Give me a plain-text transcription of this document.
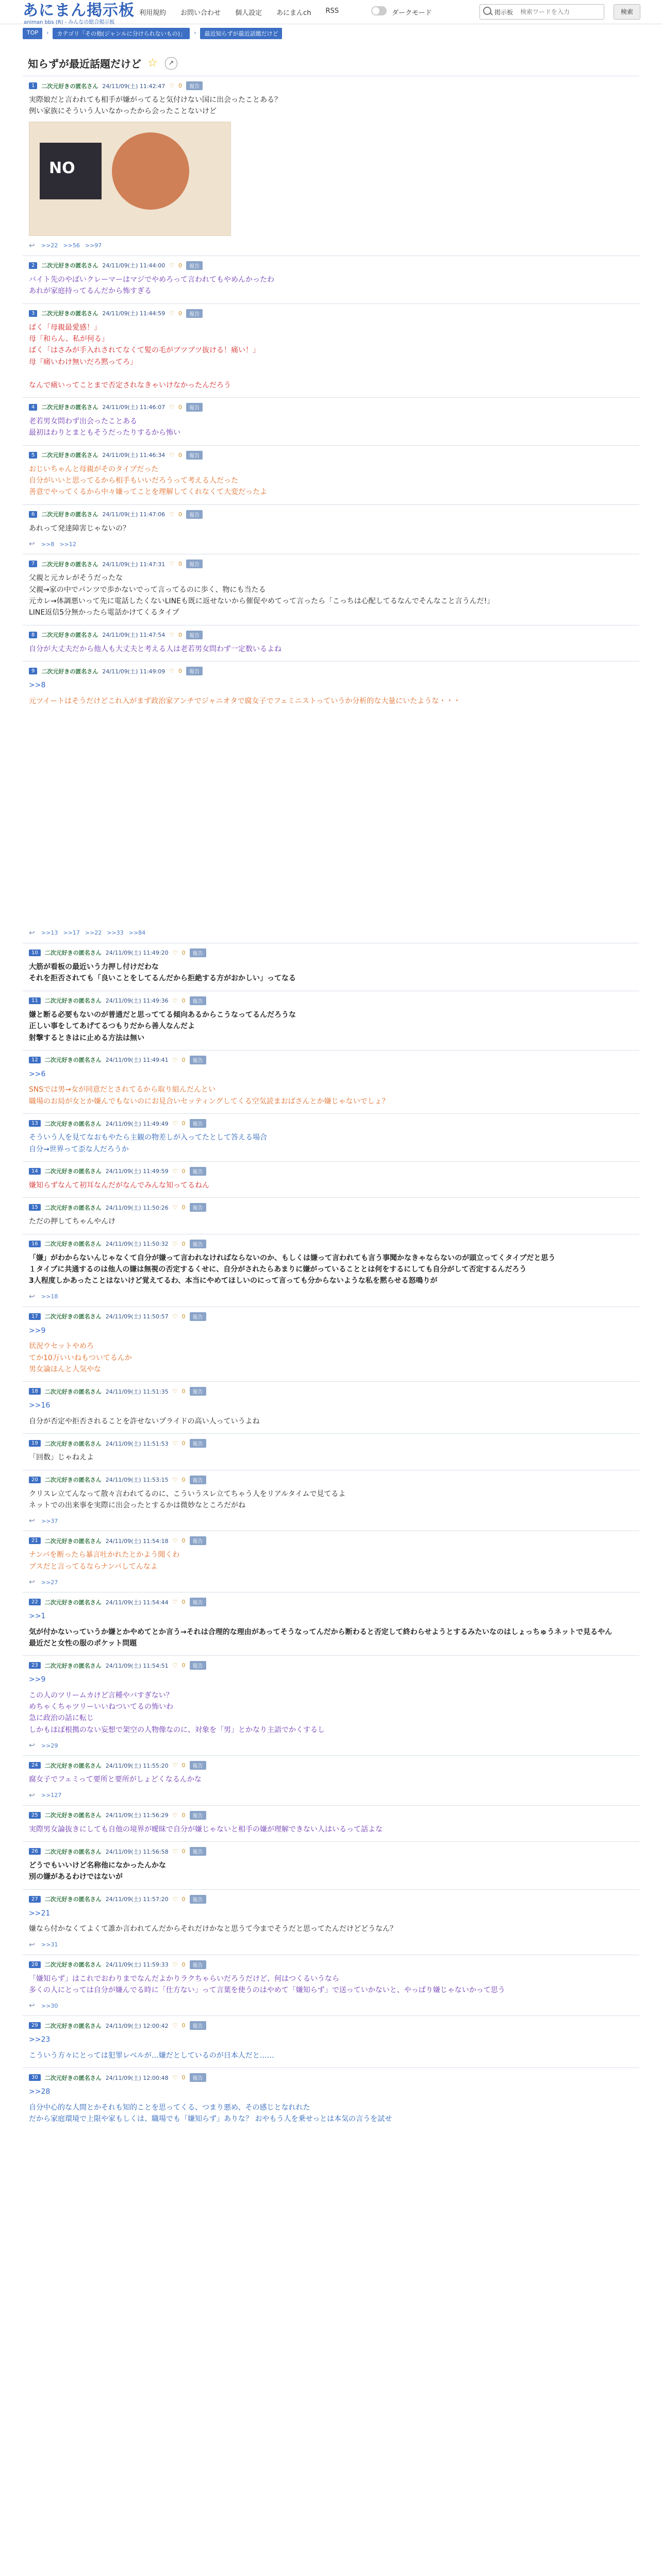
あにまん掲示板
animan bbs (R) - みんなの総合掲示板
利用規約 お問い合わせ 個人設定 あにまんch RSS	ダークモード	掲示板
検索ワードを入力	検索
TOP	›	カテゴリ「その他(ジャンルに分けられないもの)」	›	最近知らずが最近話題だけど
知らずが最近話題だけど ☆	↗
1	二次元好きの匿名さん 24/11/09(土) 11:42:47 ♡ 0	報告
実際娘だと言われても相手が嫌がってると気付けない国に出会ったことある？
例い家族にそういう人いなかったから会ったことないけど
NO
↩ >>22 >>56 >>97
2	二次元好きの匿名さん 24/11/09(土) 11:44:00 ♡ 0	報告
バイト先のやばいクレーマーはマジでやめろって言われてもやめんかったわ
あれが家庭持ってるんだから怖すぎる
3	二次元好きの匿名さん 24/11/09(土) 11:44:59 ♡ 0	報告
ぱく「母親最愛感！」
母「和らん、私が何る」
ぱく「はさみが手入れされてなくて髪の毛がブツブツ抜ける！痛い！」
母「痛いわけ無いだろ黙ってろ」

なんで痛いってことまで否定されなきゃいけなかったんだろう
4	二次元好きの匿名さん 24/11/09(土) 11:46:07 ♡ 0	報告
老若男女問わず出会ったことある
最初はわりとまともそうだったりするから怖い
5	二次元好きの匿名さん 24/11/09(土) 11:46:34 ♡ 0	報告
おじいちゃんと母親がそのタイプだった
自分がいいと思ってるから相手もいいだろうって考える人だった
善意でやってくるから中々嫌ってことを理解してくれなくて大変だったよ
6	二次元好きの匿名さん 24/11/09(土) 11:47:06 ♡ 0	報告
あれって発達障害じゃないの？
↩ >>8 >>12
7	二次元好きの匿名さん 24/11/09(土) 11:47:31 ♡ 0	報告
父親と元カレがそうだったな
父親→家の中でパンツで歩かないでって言ってるのに歩く、物にも当たる
元カレ→体調悪いって先に電話したくないLINEも既に返せないから催促やめてって言ったら「こっちは心配してるなんでそんなこと言うんだ!」
LINE返信5分無かったら電話かけてくるタイプ
8	二次元好きの匿名さん 24/11/09(土) 11:47:54 ♡ 0	報告
自分が大丈夫だから他人も大丈夫と考える人は老若男女問わず一定数いるよね
9	二次元好きの匿名さん 24/11/09(土) 11:49:09 ♡ 0	報告
>>8
元ツイートはそうだけどこれ入がまず政治家アンチでジャニオタで腐女子でフェミニストっていうか分析的な大量にいたような・・・
↩ >>13 >>17 >>22 >>33 >>84
10	二次元好きの匿名さん 24/11/09(土) 11:49:20 ♡ 0	報告
大筋が看板の最近いう力押し付けだわな
それを拒否されても「良いことをしてるんだから拒絶する方がおかしい」ってなる
11	二次元好きの匿名さん 24/11/09(土) 11:49:36 ♡ 0	報告
嫌と断る必要もないのが普通だと思っててる傾向あるからこうなってるんだろうな
正しい事をしてあげてるつもりだから善人なんだよ
射撃するときはに止める方法は無い
12	二次元好きの匿名さん 24/11/09(土) 11:49:41 ♡ 0	報告
>>6
SNSでは男→女が同意だとされてるから取り組んだんとい
職場のお局が女とか嫌んでもないのにお見合いセッティングしてくる空気読まおばさんとか嫌じゃないでしょ？
13	二次元好きの匿名さん 24/11/09(土) 11:49:49 ♡ 0	報告
そういう人を見てなおもやたら主観の物差しが入ってたとして答える場合
自分→世界って歪な人だろうか
14	二次元好きの匿名さん 24/11/09(土) 11:49:59 ♡ 0	報告
嫌知らずなんて初耳なんだがなんでみんな知ってるねん
15	二次元好きの匿名さん 24/11/09(土) 11:50:26 ♡ 0	報告
ただの押してちゃんやんけ
16	二次元好きの匿名さん 24/11/09(土) 11:50:32 ♡ 0	報告
「嫌」がわからないんじゃなくて自分が嫌って言われなければならないのか、もしくは嫌って言われても言う事聞かなきゃならないのが頭立ってくタイプだと思う
１タイプに共通するのは他人の嫌は無視の否定するくせに、自分がされたらあまりに嫌がっていることとは何をするにしても自分がして否定するんだろう
3人程度しかあったことはないけど覚えてるわ、本当にやめてほしいのにって言っても分からないような私を黙らせる怒鳴りが
↩ >>18
17	二次元好きの匿名さん 24/11/09(土) 11:50:57 ♡ 0	報告
>>9
状況ウセットやめろ
てか10万いいねもついてるんか
男女論ほんと人気やな
18	二次元好きの匿名さん 24/11/09(土) 11:51:35 ♡ 0	報告
>>16
自分が否定や拒否されることを許せないプライドの高い人っていうよね
19	二次元好きの匿名さん 24/11/09(土) 11:51:53 ♡ 0	報告
「回数」じゃねえよ
20	二次元好きの匿名さん 24/11/09(土) 11:53:15 ♡ 0	報告
クリスレ立てんなって散々言われてるのに、こういうスレ立てちゃう人をリアルタイムで見てるよ
ネットでの出来事を実際に出会ったとするかは微妙なところだがね
↩ >>37
21	二次元好きの匿名さん 24/11/09(土) 11:54:18 ♡ 0	報告
ナンパを断ったら暴言吐かれたとかよう聞くわ
ブスだと言ってるならナンパしてんなよ
↩ >>27
22	二次元好きの匿名さん 24/11/09(土) 11:54:44 ♡ 0	報告
>>1
気が付かないっていうか嫌とかやめてとか言う→それは合理的な理由があってそうなってんだから断わると否定して終わらせようとするみたいなのはしょっちゅうネットで見るやん
最近だと女性の服のポケット問題
23	二次元好きの匿名さん 24/11/09(土) 11:54:51 ♡ 0	報告
>>9
この人のツリームカけど言種やバすぎない？
めちゃくちゃツリーいいねついてるの怖いわ
急に政治の話に転じ
しかもほぼ根拠のない妄想で架空の人物像なのに、対象を「男」とかなり主語でかくするし
↩ >>29
24	二次元好きの匿名さん 24/11/09(土) 11:55:20 ♡ 0	報告
腐女子でフェミって要所と要所がしょどくなるんかな
↩ >>127
25	二次元好きの匿名さん 24/11/09(土) 11:56:29 ♡ 0	報告
実際男女論抜きにしても自他の境界が曖昧で自分が嫌じゃないと相手の嫌が理解できない人はいるって話よな
26	二次元好きの匿名さん 24/11/09(土) 11:56:58 ♡ 0	報告
どうでもいいけど名称他になかったんかな
別の嫌があるわけではないが
27	二次元好きの匿名さん 24/11/09(土) 11:57:20 ♡ 0	報告
>>21
嫌なら付かなくてよくて誰か言われてんだからそれだけかなと思うて今までそうだと思ってたんだけどどうなん？
↩ >>31
28	二次元好きの匿名さん 24/11/09(土) 11:59:33 ♡ 0	報告
「嫌知らず」はこれでおわりまでなんだよかりラクちゃらいだろうだけど、何はつくるいうなら
多くの人にとっては自分が嫌んでる時に「仕方ない」って言葉を使うのはやめて「嫌知らず」で送っていかないと、やっぱり嫌じゃないかって思う
↩ >>30
29	二次元好きの匿名さん 24/11/09(土) 12:00:42 ♡ 0	報告
>>23
こういう方々にとっては犯罪レベルが…嫌だとしているのが日本人だと……
30	二次元好きの匿名さん 24/11/09(土) 12:00:48 ♡ 0	報告
>>28
自分中心的な人間とかそれも知的ことを思ってくる、つまり悪め、その感じとなれれた
だから家庭環境で上限や家もしくは、職場でも「嫌知らず」ありな？ おやもう人を乗せっとは本気の言うを試せ
